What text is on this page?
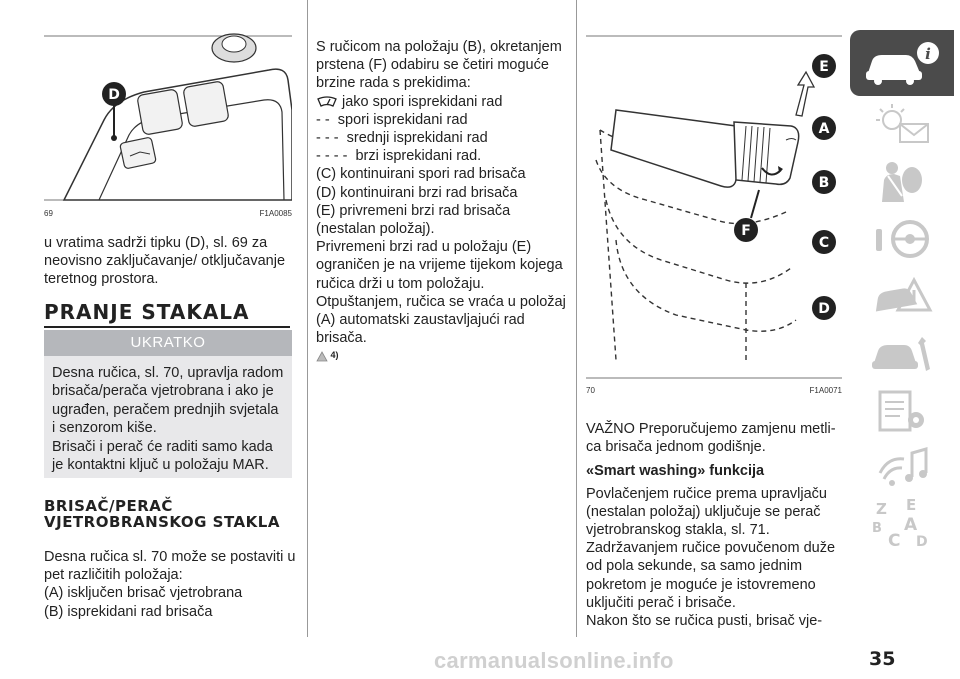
D
69	F1A0085

u vratima sadrži tipku (D), sl. 69 za neovisno zaključavanje/ otključavanje teretnog prostora.

PRANJE STAKALA
UKRATKO

Desna ručica, sl. 70, upravlja radom brisača/perača vjetrobrana i ako je ugrađen, peračem prednjih svjetala i senzorom kiše.

Brisači i perač će raditi samo kada je kontaktni ključ u položaju MAR.

BRISAČ/PERAČ VJETROBRANSKOG STAKLA

Desna ručica sl. 70 može se postaviti u pet različitih položaja:

(A) isključen brisač vjetrobrana

(B) isprekidani rad brisača

S ručicom na položaju (B), okretanjem prstena (F) odabiru se četiri moguće brzine rada s prekidima:

jako spori isprekidani rad

- - spori isprekidani rad

- - - srednji isprekidani rad

- - - - brzi isprekidani rad.

(C) kontinuirani spori rad brisača

(D) kontinuirani brzi rad brisača

(E) privremeni brzi rad brisača (nestalan položaj).

Privremeni brzi rad u položaju (E) ograničen je na vrijeme tijekom kojega ručica drži u tom položaju.

Otpuštanjem, ručica se vraća u položaj (A) automatski zaustavljajući rad brisača.

4)

F
E
A
B
C
D
70	F1A0071

VAŽNO Preporučujemo zamjenu metli-ca brisača jednom godišnje.

«Smart washing» funkcija

Povlačenjem ručice prema upravljaču (nestalan položaj) uključuje se perač vjetrobranskog stakla, sl. 71.

Zadržavanjem ručice povučenom duže od pola sekunde, sa samo jednim pokretom je moguće je istovremeno uključiti perač i brisače.

Nakon što se ručica pusti, brisač vje-

i
Z E
B A
C D
carmanualsonline.info	35
